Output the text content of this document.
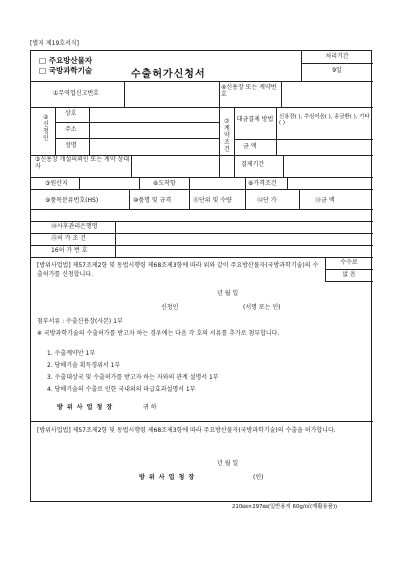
[별지 제19호서식]
□ 주요방산물자
□ 국방과학기술	수출허가신청서
처리기간
9일
①무역업신고번호
④신용장 또는 계약번호
② 신청인
상호
주소
성명
⑤신용장 개설의뢰인 또는 계약 상대자
⑦ 계약조건
대금결제 방법	신용장( ), 추심어음( ), 송금환( ), 기타( )
금 액
결제기간
③원산지	⑥도착항	⑧가격조건
⑨품목분류번호(HS)	⑩품명 및 규격	⑪단위 및 수량	⑫단 가	⑬금 액
⑭사후관리은행명
⑮허 가 조 건
16허 가 번 호
[방위사업법] 제57조제2항 및 동법시행령 제68조제3항에 따라 위와 같이 주요방산물자(국방과학기술)의 수출허가를 신청합니다.
수수료
없 음
년 월 일
신청인	(서명 또는 인)
첨부서류 : 수출신용장(사본) 1부
※ 국방과학기술의 수출허가를 받고자 하는 경우에는 다음 각 호의 서류를 추가로 첨부합니다.
1. 수출계약안 1부
2. 당해기술 획득경위서 1부
3. 수출대상국 및 수출허가를 받고자 하는 자와의 관계 설명서 1부
4. 당해기술의 수출로 인한 국내외의 파급효과설명서 1부
방 위 사 업 청 장	귀 하
[방위사업법] 제57조제2항 및 동법시행령 제68조제3항에 따라 주요방산물자(국방과학기술)의 수출을 허가합니다.
년 월 일
방 위 사 업 청 장	(인)
210㎜×297㎜(일반용지 60g/㎡(재활용품))
